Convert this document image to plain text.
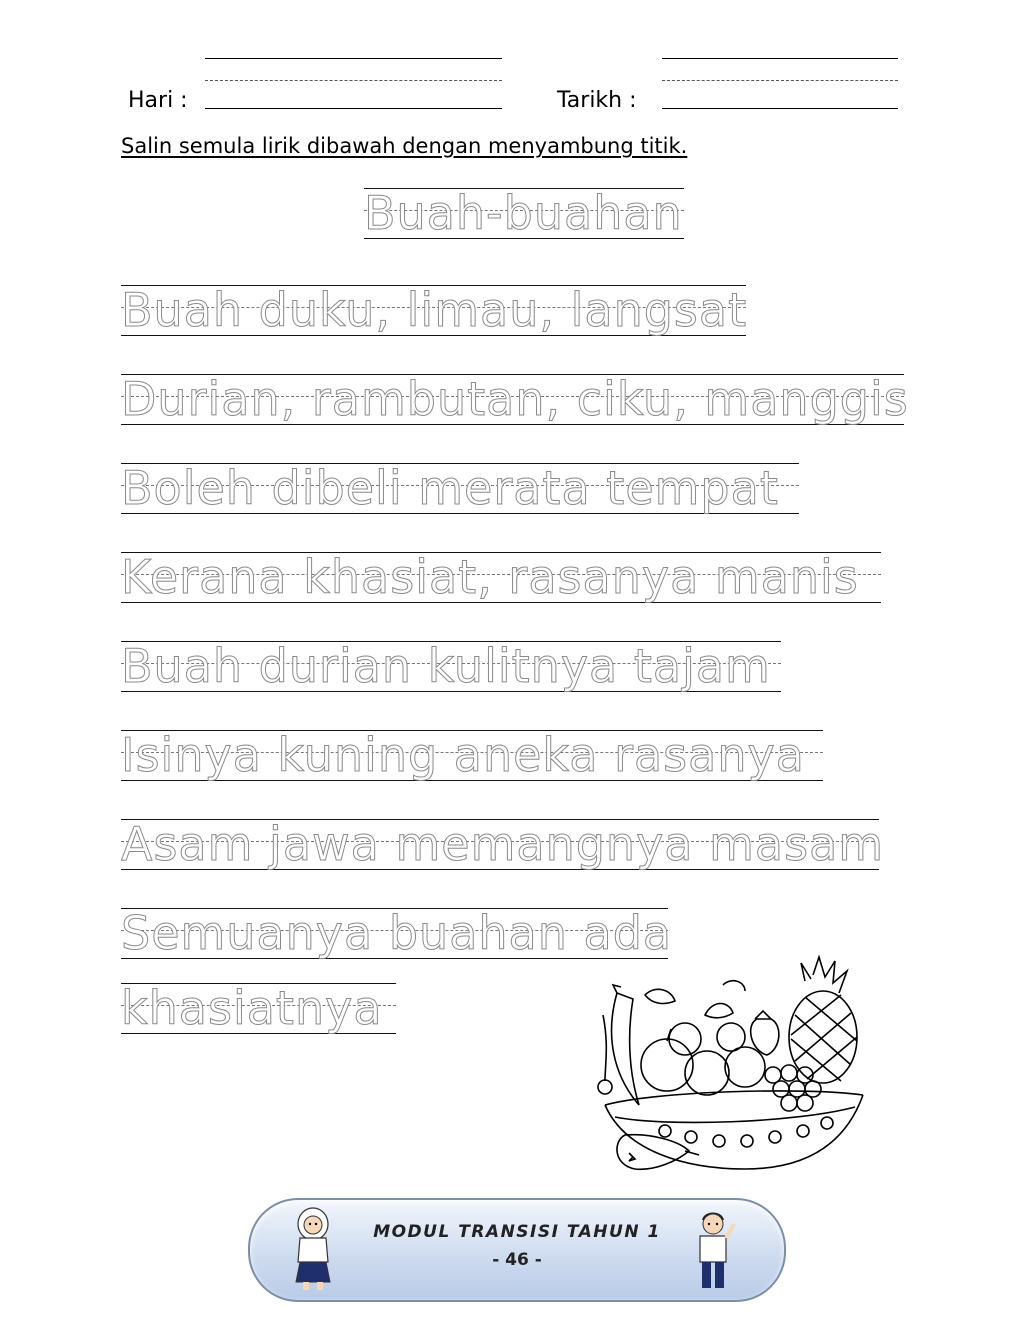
Hari :	Tarikh :
Salin semula lirik dibawah dengan menyambung titik.
Buah-buahan
Buah duku, limau, langsat
Durian, rambutan, ciku, manggis
Boleh dibeli merata tempat
Kerana khasiat, rasanya manis
Buah durian kulitnya tajam
Isinya kuning aneka rasanya
Asam jawa memangnya masam
Semuanya buahan ada
khasiatnya
MODUL TRANSISI TAHUN 1
- 46 -
